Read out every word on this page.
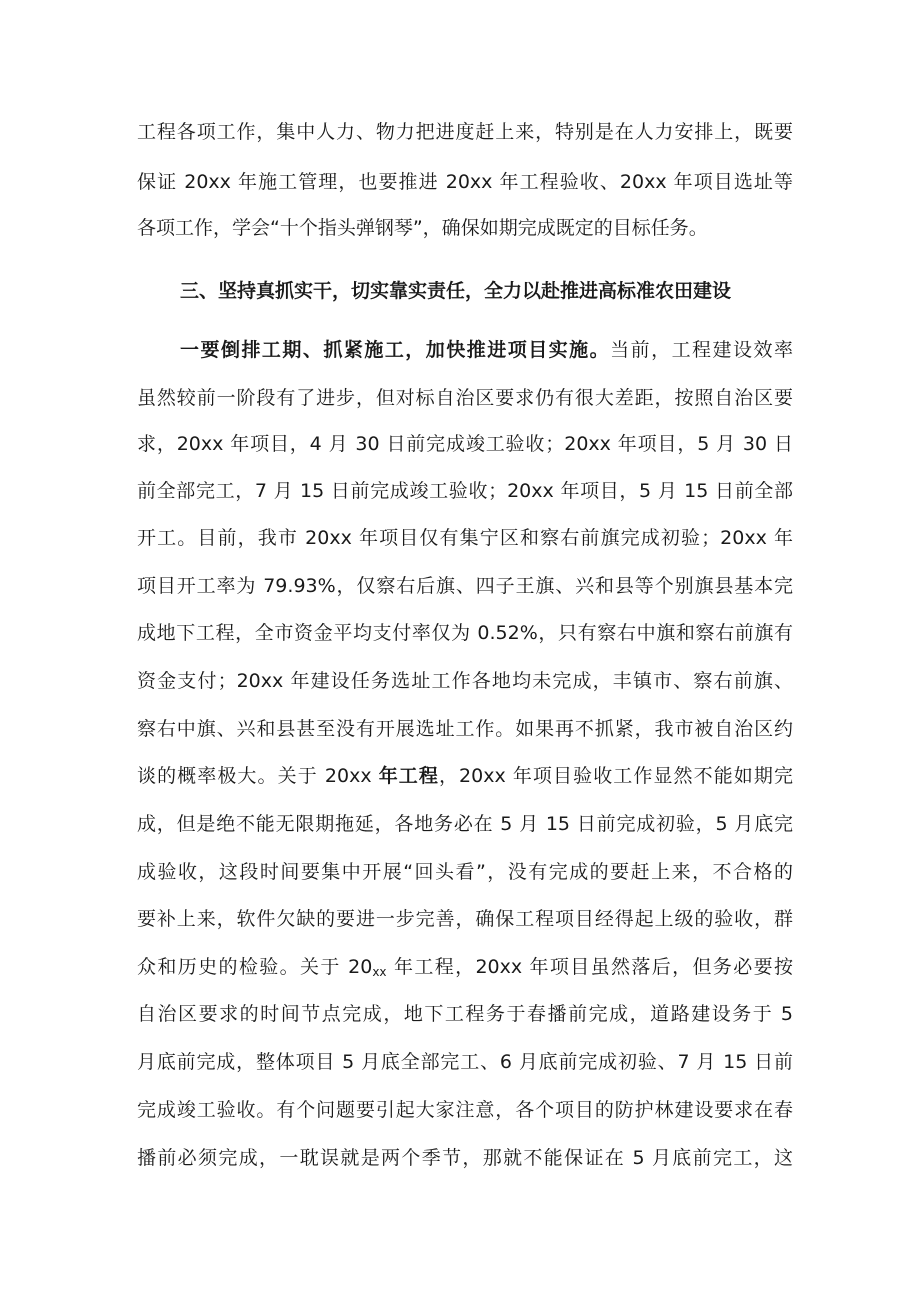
工程各项工作，集中人力、物力把进度赶上来，特别是在人力安排上，既要
保证 20xx 年施工管理，也要推进 20xx 年工程验收、20xx 年项目选址等
各项工作，学会“十个指头弹钢琴”，确保如期完成既定的目标任务。
三、坚持真抓实干，切实靠实责任，全力以赴推进高标准农田建设
一要倒排工期、抓紧施工，加快推进项目实施。当前，工程建设效率
虽然较前一阶段有了进步，但对标自治区要求仍有很大差距，按照自治区要
求，20xx 年项目，4 月 30 日前完成竣工验收；20xx 年项目，5 月 30 日
前全部完工，7 月 15 日前完成竣工验收；20xx 年项目，5 月 15 日前全部
开工。目前，我市 20xx 年项目仅有集宁区和察右前旗完成初验；20xx 年
项目开工率为 79.93%，仅察右后旗、四子王旗、兴和县等个别旗县基本完
成地下工程，全市资金平均支付率仅为 0.52%，只有察右中旗和察右前旗有
资金支付；20xx 年建设任务选址工作各地均未完成，丰镇市、察右前旗、
察右中旗、兴和县甚至没有开展选址工作。如果再不抓紧，我市被自治区约
谈的概率极大。关于 20xx 年工程，20xx 年项目验收工作显然不能如期完
成，但是绝不能无限期拖延，各地务必在 5 月 15 日前完成初验，5 月底完
成验收，这段时间要集中开展“回头看”，没有完成的要赶上来，不合格的
要补上来，软件欠缺的要进一步完善，确保工程项目经得起上级的验收，群
众和历史的检验。关于 $20_{xx}$ 年工程，20xx 年项目虽然落后，但务必要按
自治区要求的时间节点完成，地下工程务于春播前完成，道路建设务于 5
月底前完成，整体项目 5 月底全部完工、6 月底前完成初验、7 月 15 日前
完成竣工验收。有个问题要引起大家注意，各个项目的防护林建设要求在春
播前必须完成，一耽误就是两个季节，那就不能保证在 5 月底前完工，这
